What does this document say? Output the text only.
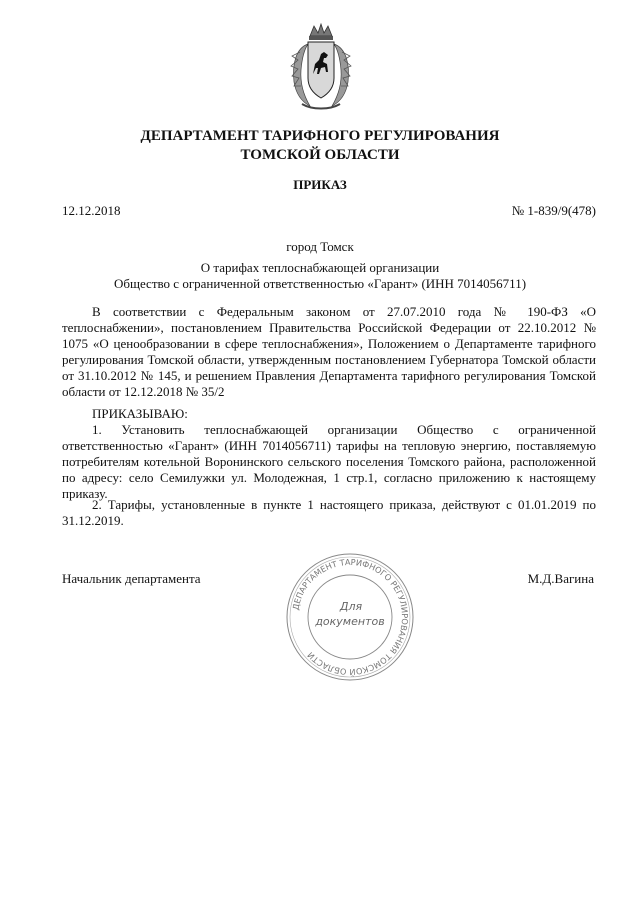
ДЕПАРТАМЕНТ ТАРИФНОГО РЕГУЛИРОВАНИЯ
ТОМСКОЙ ОБЛАСТИ
ПРИКАЗ
12.12.2018	№ 1-839/9(478)
город Томск
О тарифах теплоснабжающей организации
Общество с ограниченной ответственностью «Гарант» (ИНН 7014056711)
В соответствии с Федеральным законом от 27.07.2010 года № 190-ФЗ «О теплоснабжении», постановлением Правительства Российской Федерации от 22.10.2012 № 1075 «О ценообразовании в сфере теплоснабжения», Положением о Департаменте тарифного регулирования Томской области, утвержденным постановлением Губернатора Томской области от 31.10.2012 № 145, и решением Правления Департамента тарифного регулирования Томской области от 12.12.2018 № 35/2
ПРИКАЗЫВАЮ:
1. Установить теплоснабжающей организации Общество с ограниченной ответственностью «Гарант» (ИНН 7014056711) тарифы на тепловую энергию, поставляемую потребителям котельной Воронинского сельского поселения Томского района, расположенной по адресу: село Семилужки ул. Молодежная, 1 стр.1, согласно приложению к настоящему приказу.
2. Тарифы, установленные в пункте 1 настоящего приказа, действуют с 01.01.2019 по 31.12.2019.
Начальник департамента	М.Д.Вагина
ДЕПАРТАМЕНТ ТАРИФНОГО РЕГУЛИРОВАНИЯ ТОМСКОЙ ОБЛАСТИ
Для
документов
